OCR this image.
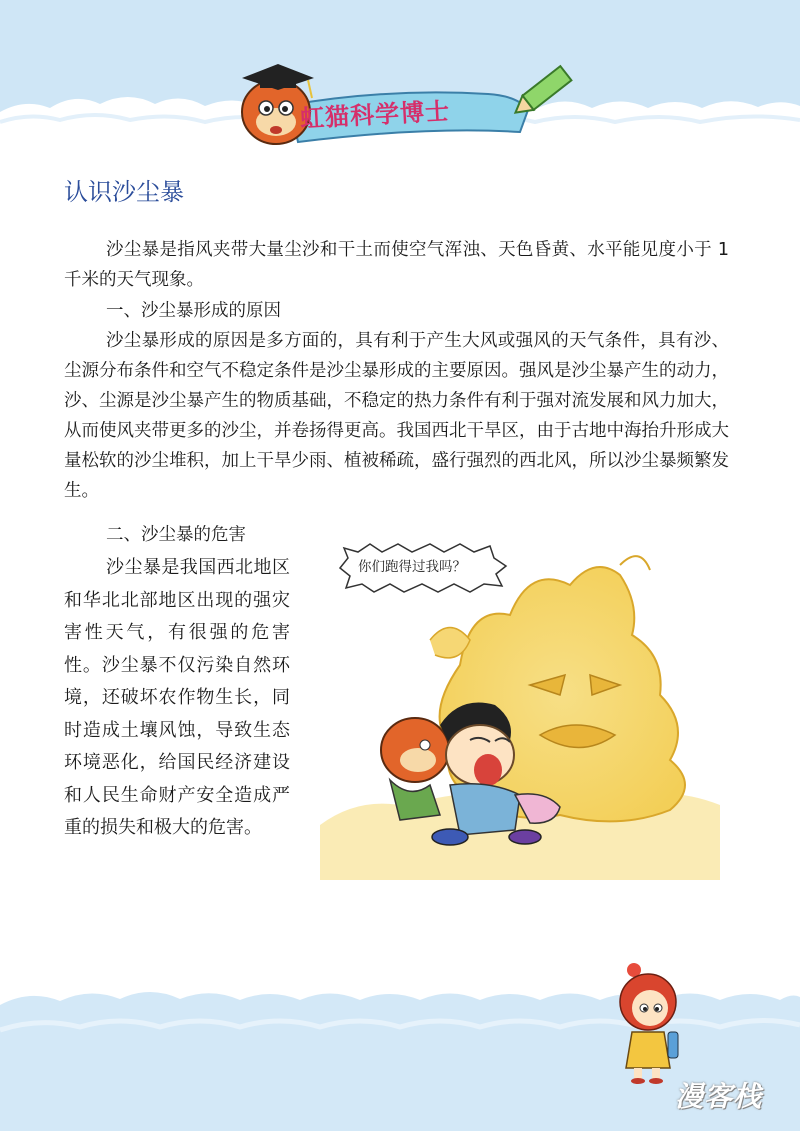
虹猫科学博士
认识沙尘暴

沙尘暴是指风夹带大量尘沙和干土而使空气浑浊、天色昏黄、水平能见度小于 1 千米的天气现象。

一、沙尘暴形成的原因

沙尘暴形成的原因是多方面的，具有利于产生大风或强风的天气条件，具有沙、尘源分布条件和空气不稳定条件是沙尘暴形成的主要原因。强风是沙尘暴产生的动力，沙、尘源是沙尘暴产生的物质基础，不稳定的热力条件有利于强对流发展和风力加大，从而使风夹带更多的沙尘，并卷扬得更高。我国西北干旱区，由于古地中海抬升形成大量松软的沙尘堆积，加上干旱少雨、植被稀疏，盛行强烈的西北风，所以沙尘暴频繁发生。

二、沙尘暴的危害

沙尘暴是我国西北地区和华北北部地区出现的强灾害性天气，有很强的危害性。沙尘暴不仅污染自然环境，还破坏农作物生长，同时造成土壤风蚀，导致生态环境恶化，给国民经济建设和人民生命财产安全造成严重的损失和极大的危害。

你们跑得过我吗？
漫客栈
